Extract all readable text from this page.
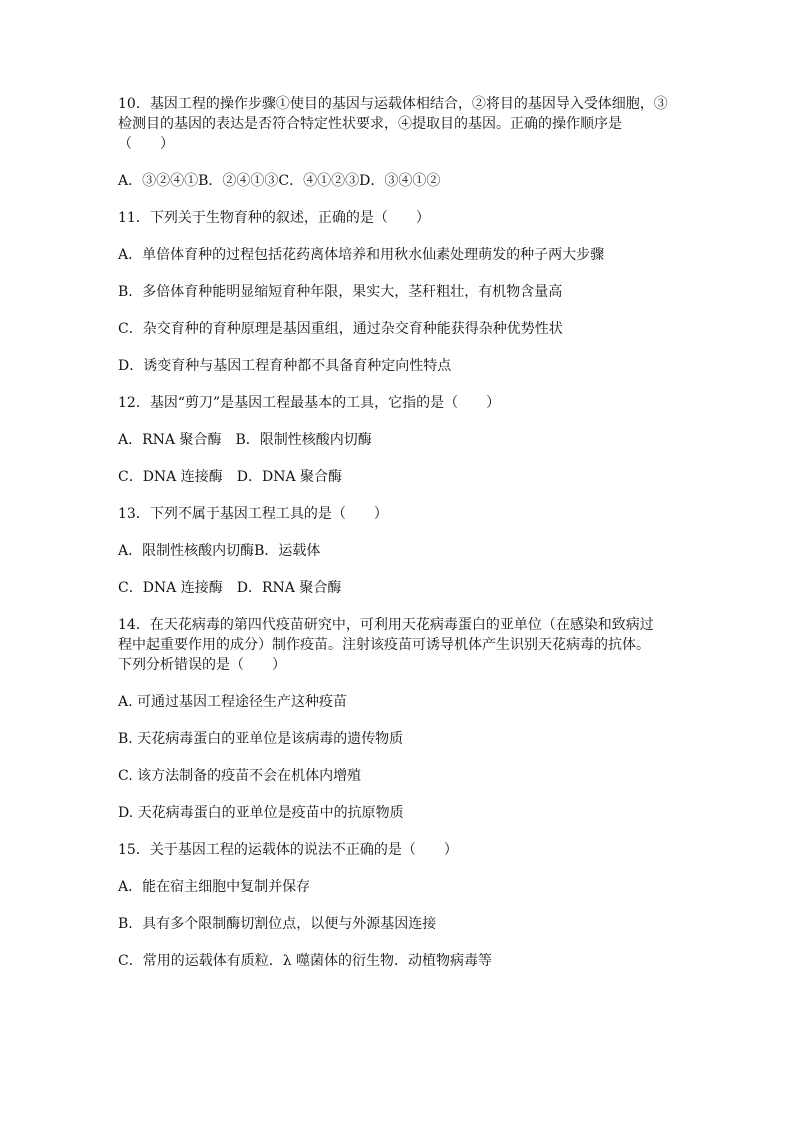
10．基因工程的操作步骤①使目的基因与运载体相结合，②将目的基因导入受体细胞，③
检测目的基因的表达是否符合特定性状要求，④提取目的基因。正确的操作顺序是
（　　）
A．③②④①B．②④①③C．④①②③D．③④①②
11．下列关于生物育种的叙述，正确的是（　　）
A．单倍体育种的过程包括花药离体培养和用秋水仙素处理萌发的种子两大步骤
B．多倍体育种能明显缩短育种年限，果实大，茎秆粗壮，有机物含量高
C．杂交育种的育种原理是基因重组，通过杂交育种能获得杂种优势性状
D．诱变育种与基因工程育种都不具备育种定向性特点
12．基因“剪刀”是基因工程最基本的工具，它指的是（　　）
A．RNA 聚合酶　B．限制性核酸内切酶
C．DNA 连接酶　D．DNA 聚合酶
13．下列不属于基因工程工具的是（　　）
A．限制性核酸内切酶B．运载体
C．DNA 连接酶　D．RNA 聚合酶
14．在天花病毒的第四代疫苗研究中，可利用天花病毒蛋白的亚单位（在感染和致病过
程中起重要作用的成分）制作疫苗。注射该疫苗可诱导机体产生识别天花病毒的抗体。
下列分析错误的是（　　）
A. 可通过基因工程途径生产这种疫苗
B. 天花病毒蛋白的亚单位是该病毒的遗传物质
C. 该方法制备的疫苗不会在机体内增殖
D. 天花病毒蛋白的亚单位是疫苗中的抗原物质
15．关于基因工程的运载体的说法不正确的是（　　）
A．能在宿主细胞中复制并保存
B．具有多个限制酶切割位点，以便与外源基因连接
C．常用的运载体有质粒．λ 噬菌体的衍生物．动植物病毒等
